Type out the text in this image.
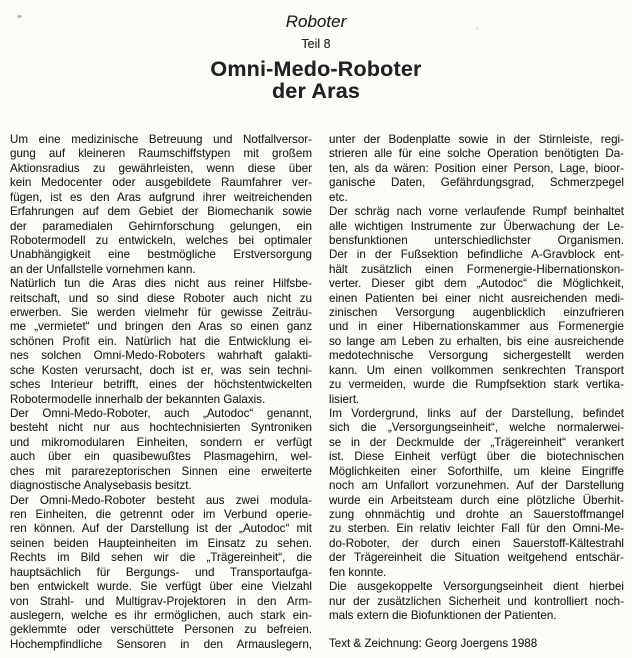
Roboter
Teil 8
Omni-Medo-Roboter
der Aras
Um eine medizinische Betreuung und Notfallversor-
gung auf kleineren Raumschiffstypen mit großem
Aktionsradius zu gewährleisten, wenn diese über
kein Medocenter oder ausgebildete Raumfahrer ver-
fügen, ist es den Aras aufgrund ihrer weitreichenden
Erfahrungen auf dem Gebiet der Biomechanik sowie
der paramedialen Gehirnforschung gelungen, ein
Robotermodell zu entwickeln, welches bei optimaler
Unabhängigkeit eine bestmögliche Erstversorgung
an der Unfallstelle vornehmen kann.
Natürlich tun die Aras dies nicht aus reiner Hilfsbe-
reitschaft, und so sind diese Roboter auch nicht zu
erwerben. Sie werden vielmehr für gewisse Zeiträu-
me „vermietet“ und bringen den Aras so einen ganz
schönen Profit ein. Natürlich hat die Entwicklung ei-
nes solchen Omni-Medo-Roboters wahrhaft galakti-
sche Kosten verursacht, doch ist er, was sein techni-
sches Interieur betrifft, eines der höchstentwickelten
Robotermodelle innerhalb der bekannten Galaxis.
Der Omni-Medo-Roboter, auch „Autodoc“ genannt,
besteht nicht nur aus hochtechnisierten Syntroniken
und mikromodularen Einheiten, sondern er verfügt
auch über ein quasibewußtes Plasmagehirn, wel-
ches mit pararezeptorischen Sinnen eine erweiterte
diagnostische Analysebasis besitzt.
Der Omni-Medo-Roboter besteht aus zwei modula-
ren Einheiten, die getrennt oder im Verbund operie-
ren können. Auf der Darstellung ist der „Autodoc“ mit
seinen beiden Haupteinheiten im Einsatz zu sehen.
Rechts im Bild sehen wir die „Trägereinheit“, die
hauptsächlich für Bergungs- und Transportaufga-
ben entwickelt wurde. Sie verfügt über eine Vielzahl
von Strahl- und Multigrav-Projektoren in den Arm-
auslegern, welche es ihr ermöglichen, auch stark ein-
geklemmte oder verschüttete Personen zu befreien.
Hochempfindliche Sensoren in den Armauslegern,
unter der Bodenplatte sowie in der Stirnleiste, regi-
strieren alle für eine solche Operation benötigten Da-
ten, als da wären: Position einer Person, Lage, bioor-
ganische Daten, Gefährdungsgrad, Schmerzpegel
etc.
Der schräg nach vorne verlaufende Rumpf beinhaltet
alle wichtigen Instrumente zur Überwachung der Le-
bensfunktionen unterschiedlichster Organismen.
Der in der Fußsektion befindliche A-Gravblock ent-
hält zusätzlich einen Formenergie-Hibernationskon-
verter. Dieser gibt dem „Autodoc“ die Möglichkeit,
einen Patienten bei einer nicht ausreichenden medi-
zinischen Versorgung augenblicklich einzufrieren
und in einer Hibernationskammer aus Formenergie
so lange am Leben zu erhalten, bis eine ausreichende
medotechnische Versorgung sichergestellt werden
kann. Um einen vollkommen senkrechten Transport
zu vermeiden, wurde die Rumpfsektion stark vertika-
lisiert.
Im Vordergrund, links auf der Darstellung, befindet
sich die „Versorgungseinheit“, welche normalerwei-
se in der Deckmulde der „Trägereinheit“ verankert
ist. Diese Einheit verfügt über die biotechnischen
Möglichkeiten einer Soforthilfe, um kleine Eingriffe
noch am Unfallort vorzunehmen. Auf der Darstellung
wurde ein Arbeitsteam durch eine plötzliche Überhit-
zung ohnmächtig und drohte an Sauerstoffmangel
zu sterben. Ein relativ leichter Fall für den Omni-Me-
do-Roboter, der durch einen Sauerstoff-Kältestrahl
der Trägereinheit die Situation weitgehend entschär-
fen konnte.
Die ausgekoppelte Versorgungseinheit dient hierbei
nur der zusätzlichen Sicherheit und kontrolliert noch-
mals extern die Biofunktionen der Patienten.
Text & Zeichnung: Georg Joergens 1988
